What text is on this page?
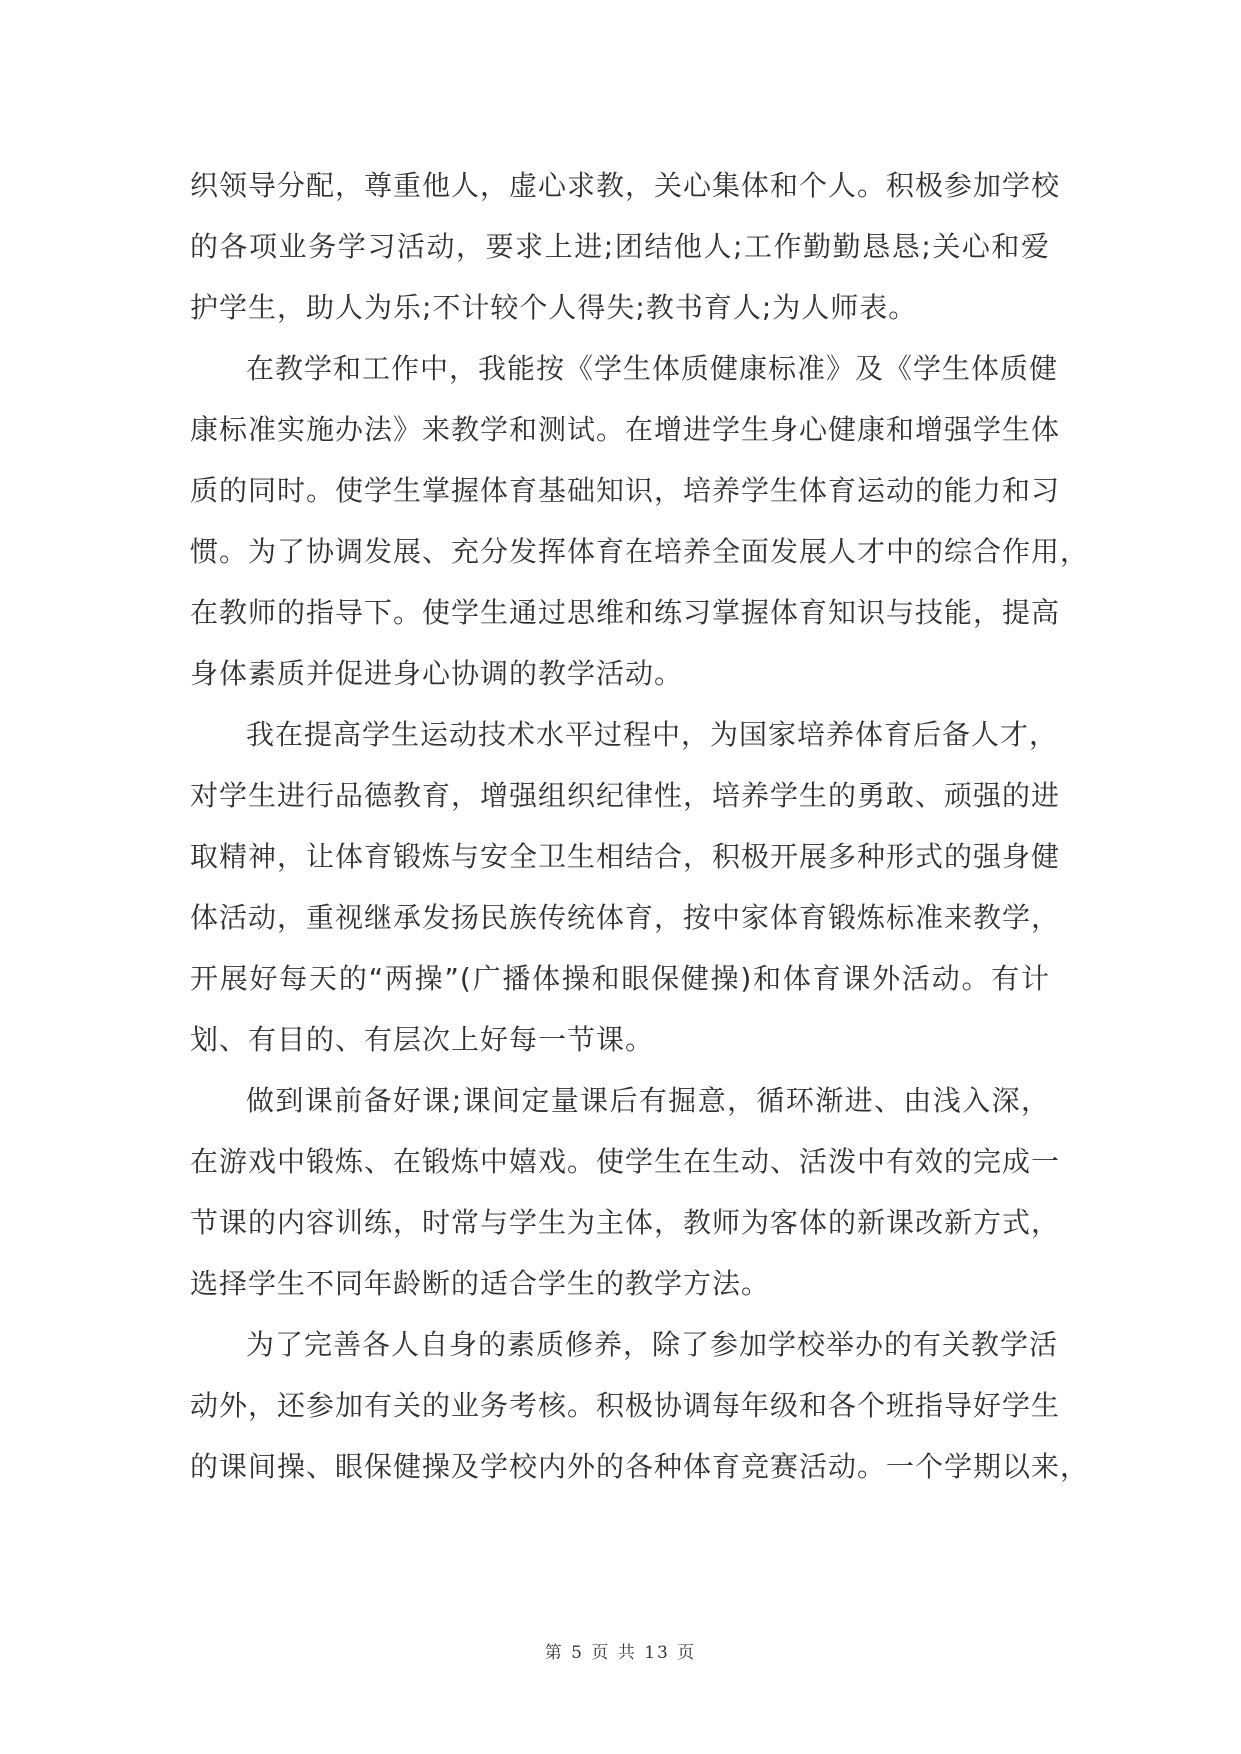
织领导分配，尊重他人，虚心求教，关心集体和个人。积极参加学校
的各项业务学习活动，要求上进;团结他人;工作勤勤恳恳;关心和爱
护学生，助人为乐;不计较个人得失;教书育人;为人师表。
在教学和工作中，我能按《学生体质健康标准》及《学生体质健
康标准实施办法》来教学和测试。在增进学生身心健康和增强学生体
质的同时。使学生掌握体育基础知识，培养学生体育运动的能力和习
惯。为了协调发展、充分发挥体育在培养全面发展人才中的综合作用，
在教师的指导下。使学生通过思维和练习掌握体育知识与技能，提高
身体素质并促进身心协调的教学活动。
我在提高学生运动技术水平过程中，为国家培养体育后备人才，
对学生进行品德教育，增强组织纪律性，培养学生的勇敢、顽强的进
取精神，让体育锻炼与安全卫生相结合，积极开展多种形式的强身健
体活动，重视继承发扬民族传统体育，按中家体育锻炼标准来教学，
开展好每天的“两操”(广播体操和眼保健操)和体育课外活动。有计
划、有目的、有层次上好每一节课。
做到课前备好课;课间定量课后有掘意，循环渐进、由浅入深，
在游戏中锻炼、在锻炼中嬉戏。使学生在生动、活泼中有效的完成一
节课的内容训练，时常与学生为主体，教师为客体的新课改新方式，
选择学生不同年龄断的适合学生的教学方法。
为了完善各人自身的素质修养，除了参加学校举办的有关教学活
动外，还参加有关的业务考核。积极协调每年级和各个班指导好学生
的课间操、眼保健操及学校内外的各种体育竞赛活动。一个学期以来，
第 5 页 共 13 页
